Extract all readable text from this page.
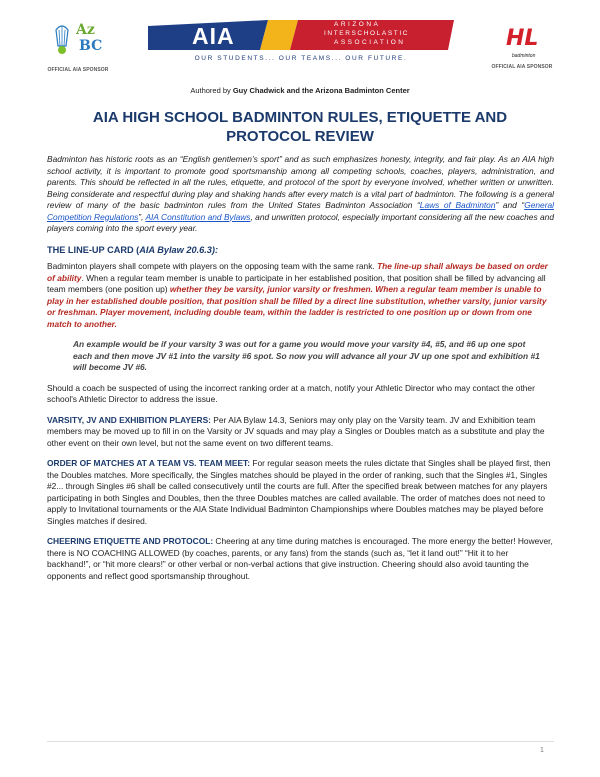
Az
BC
OFFICIAL AIA SPONSOR
AIA	ARIZONA
INTERSCHOLASTIC
ASSOCIATION
OUR STUDENTS... OUR TEAMS... OUR FUTURE.
HL
badminton
OFFICIAL AIA SPONSOR
Authored by Guy Chadwick and the Arizona Badminton Center
AIA HIGH SCHOOL BADMINTON RULES, ETIQUETTE AND PROTOCOL REVIEW

Badminton has historic roots as an “English gentlemen’s sport” and as such emphasizes honesty, integrity, and fair play. As an AIA high school activity, it is important to promote good sportsmanship among all competing schools, coaches, players, administration, and parents. This should be reflected in all the rules, etiquette, and protocol of the sport by everyone involved, whether written or unwritten. Being considerate and respectful during play and shaking hands after every match is a vital part of badminton. The following is a general review of many of the basic badminton rules from the United States Badminton Association “Laws of Badminton” and “General Competition Regulations”, AIA Constitution and Bylaws, and unwritten protocol, especially important considering all the new coaches and players coming into the sport every year.

THE LINE-UP CARD (AIA Bylaw 20.6.3):

Badminton players shall compete with players on the opposing team with the same rank. The line-up shall always be based on order of ability. When a regular team member is unable to participate in her established position, that position shall be filled by advancing all team members (one position up) whether they be varsity, junior varsity or freshmen. When a regular team member is unable to play in her established double position, that position shall be filled by a direct line substitution, whether varsity, junior varsity or freshman. Player movement, including double team, within the ladder is restricted to one position up or down from one match to another.

An example would be if your varsity 3 was out for a game you would move your varsity #4, #5, and #6 up one spot each and then move JV #1 into the varsity #6 spot. So now you will advance all your JV up one spot and exhibition #1 will become JV #6.

Should a coach be suspected of using the incorrect ranking order at a match, notify your Athletic Director who may contact the other school's Athletic Director to address the issue.

VARSITY, JV AND EXHIBITION PLAYERS: Per AIA Bylaw 14.3, Seniors may only play on the Varsity team. JV and Exhibition team members may be moved up to fill in on the Varsity or JV squads and may play a Singles or Doubles match as a substitute and play the other event on their own level, but not the same event on two different teams.

ORDER OF MATCHES AT A TEAM VS. TEAM MEET: For regular season meets the rules dictate that Singles shall be played first, then the Doubles matches. More specifically, the Singles matches should be played in the order of ranking, such that the Singles #1, Singles #2... through Singles #6 shall be called consecutively until the courts are full. After the specified break between matches for any players participating in both Singles and Doubles, then the three Doubles matches are called available. The order of matches does not need to apply to Invitational tournaments or the AIA State Individual Badminton Championships where Doubles matches may be played before Singles matches if desired.

CHEERING ETIQUETTE AND PROTOCOL: Cheering at any time during matches is encouraged. The more energy the better! However, there is NO COACHING ALLOWED (by coaches, parents, or any fans) from the stands (such as, “let it land out!” “Hit it to her backhand!”, or “hit more clears!” or other verbal or non-verbal actions that give instruction. Cheering should also avoid taunting the opponents and reflect good sportsmanship throughout.

1
